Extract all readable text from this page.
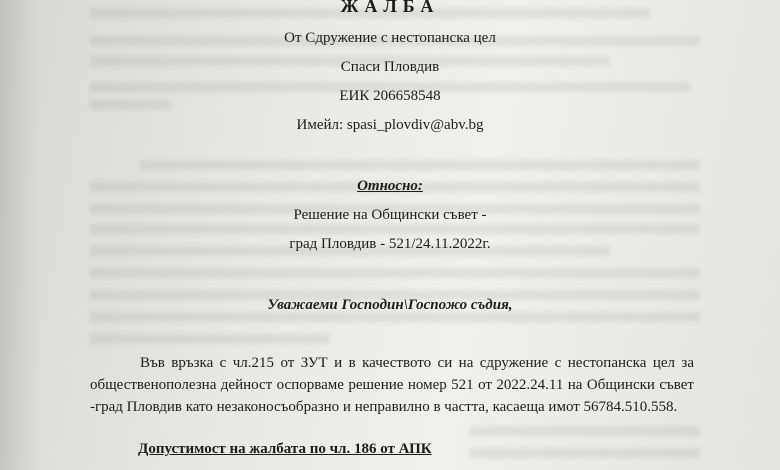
ЖАЛБА
От Сдружение с нестопанска цел
Спаси Пловдив
ЕИК 206658548
Имейл: spasi_plovdiv@abv.bg
Относно:
Решение на Общински съвет -
град Пловдив - 521/24.11.2022г.
Уважаеми Господин\Госпожо съдия,
Във връзка с чл.215 от ЗУТ и в качеството си на сдружение с нестопанска цел за общественополезна дейност оспорваме решение номер 521 от 2022.24.11 на Общински съвет -град Пловдив като незаконосъобразно и неправилно в частта, касаеща имот 56784.510.558.
Допустимост на жалбата по чл. 186 от АПК
